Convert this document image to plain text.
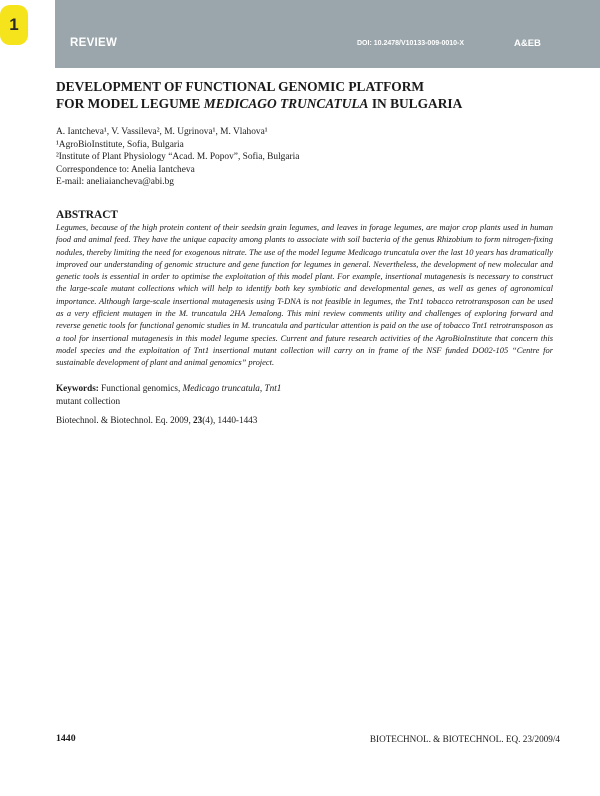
REVIEW	DOI: 10.2478/V10133-009-0010-X	A&EB
1
DEVELOPMENT OF FUNCTIONAL GENOMIC PLATFORM
FOR MODEL LEGUME MEDICAGO TRUNCATULA IN BULGARIA
A. Iantcheva¹, V. Vassileva², M. Ugrinova¹, M. Vlahova¹
¹AgroBioInstitute, Sofia, Bulgaria
²Institute of Plant Physiology “Acad. M. Popov”, Sofia, Bulgaria
Correspondence to: Anelia Iantcheva
E-mail: aneliaiancheva@abi.bg
ABSTRACT
Legumes, because of the high protein content of their seedsin grain legumes, and leaves in forage legumes, are major crop plants used in human food and animal feed. They have the unique capacity among plants to associate with soil bacteria of the genus Rhizobium to form nitrogen-fixing nodules, thereby limiting the need for exogenous nitrate. The use of the model legume Medicago truncatula over the last 10 years has dramatically improved our understanding of genomic structure and gene function for legumes in general. Nevertheless, the development of new molecular and genetic tools is essential in order to optimise the exploitation of this model plant. For example, insertional mutagenesis is necessary to construct the large-scale mutant collections which will help to identify both key symbiotic and developmental genes, as well as genes of agronomical importance. Although large-scale insertional mutagenesis using T-DNA is not feasible in legumes, the Tnt1 tobacco retrotransposon can be used as a very efficient mutagen in the M. truncatula 2HA Jemalong. This mini review comments utility and challenges of exploring forward and reverse genetic tools for functional genomic studies in M. truncatula and particular attention is paid on the use of tobacco Tnt1 retrotransposon as a tool for insertional mutagenesis in this model legume species. Current and future research activities of the AgroBioInstitute that concern this model species and the exploitation of Tnt1 insertional mutant collection will carry on in frame of the NSF funded DO02-105 “Centre for sustainable development of plant and animal genomics” project.
Keywords: Functional genomics, Medicago truncatula, Tnt1
mutant collection
Biotechnol. & Biotechnol. Eq. 2009, 23(4), 1440-1443
1440	BIOTECHNOL. & BIOTECHNOL. EQ. 23/2009/4
